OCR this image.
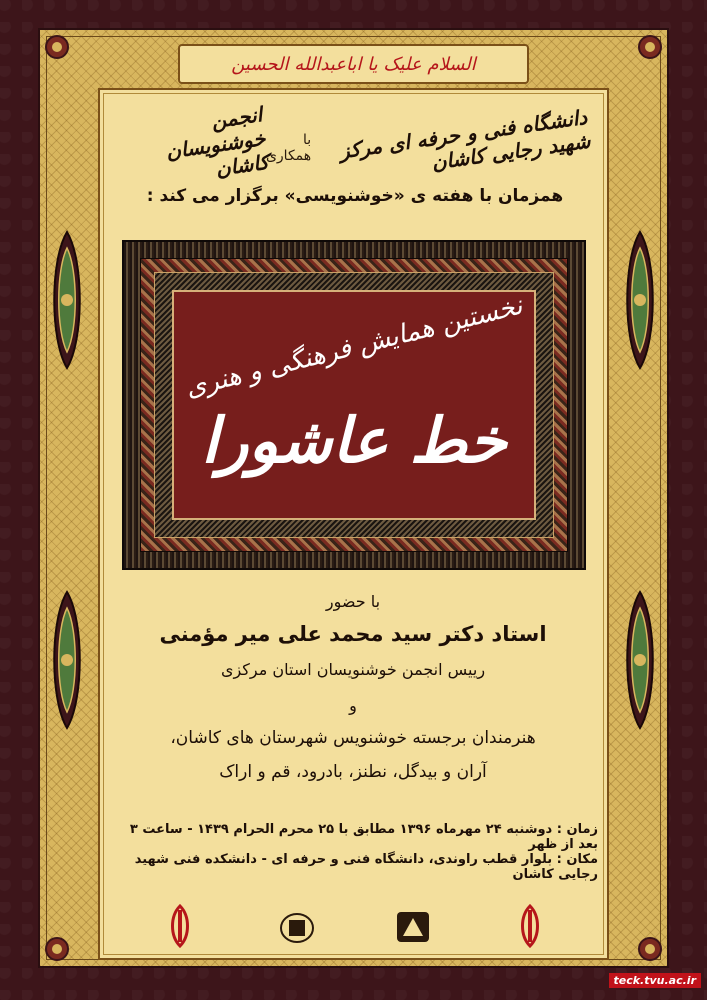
السلام علیک یا اباعبدالله الحسین
دانشگاه فنی و حرفه ای مرکز شهید رجایی کاشان
با همکاری
انجمن خوشنویسان کاشان
همزمان با هفته ی «خوشنویسی» برگزار می کند :
نخستین همایش فرهنگی و هنری
خط عاشورا
با حضور
استاد دکتر سید محمد علی میر مؤمنی
رییس انجمن خوشنویسان استان مرکزی
و
هنرمندان برجسته خوشنویس شهرستان های کاشان،
آران و بیدگل، نطنز، بادرود، قم و اراک
زمان : دوشنبه ۲۴ مهرماه ۱۳۹۶ مطابق با ۲۵ محرم الحرام ۱۴۳۹ - ساعت ۳ بعد از ظهر
مکان : بلوار قطب راوندی، دانشگاه فنی و حرفه ای - دانشکده فنی شهید رجایی کاشان
teck.tvu.ac.ir
